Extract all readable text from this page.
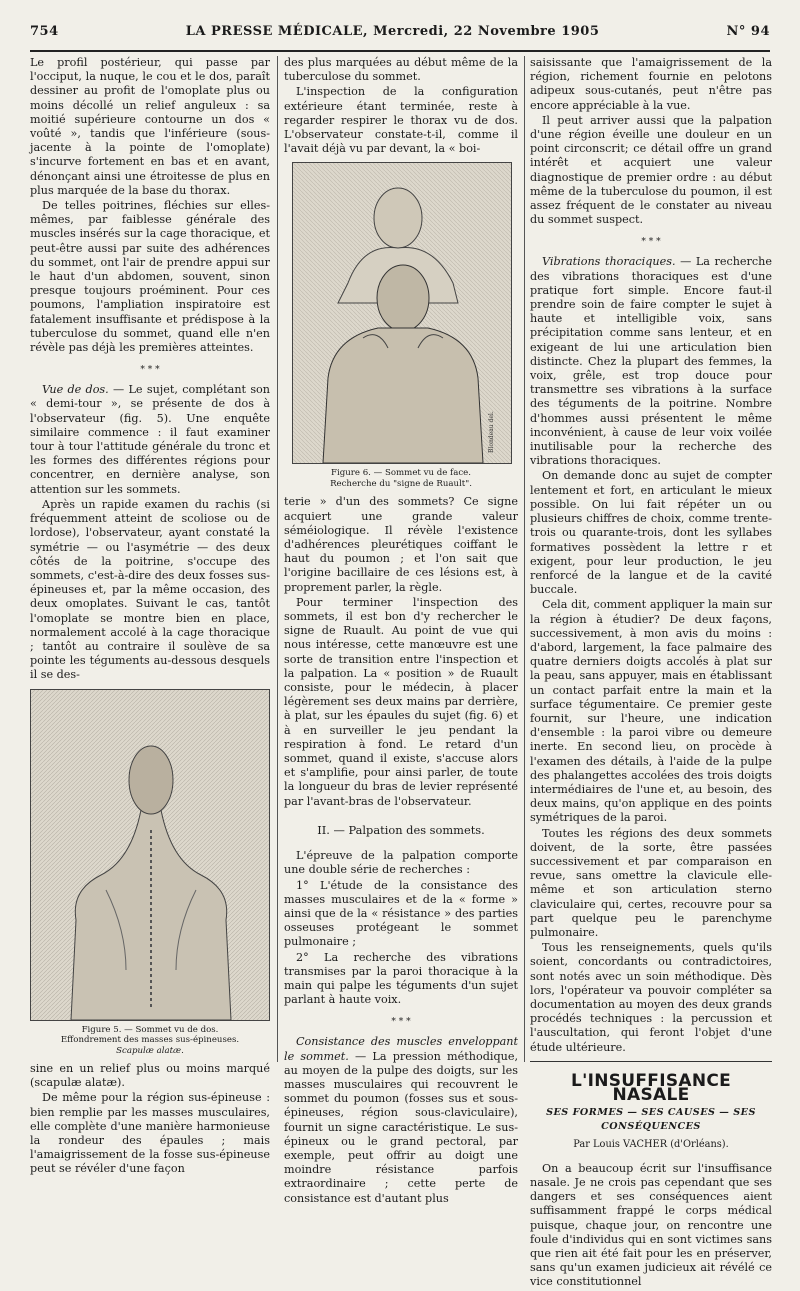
754	LA PRESSE MÉDICALE, Mercredi, 22 Novembre 1905	N° 94

Le profil postérieur, qui passe par l'occiput, la nuque, le cou et le dos, paraît dessiner au profit de l'omoplate plus ou moins décollé un relief anguleux : sa moitié supérieure contourne un dos « voûté », tandis que l'inférieure (sous-jacente à la pointe de l'omoplate) s'incurve fortement en bas et en avant, dénonçant ainsi une étroitesse de plus en plus marquée de la base du thorax.

De telles poitrines, fléchies sur elles-mêmes, par faiblesse générale des muscles insérés sur la cage thoracique, et peut-être aussi par suite des adhérences du sommet, ont l'air de prendre appui sur le haut d'un abdomen, souvent, sinon presque toujours proéminent. Pour ces poumons, l'ampliation inspiratoire est fatalement insuffisante et prédispose à la tuberculose du sommet, quand elle n'en révèle pas déjà les premières atteintes.

* * *

Vue de dos. — Le sujet, complétant son « demi-tour », se présente de dos à l'observateur (fig. 5). Une enquête similaire commence : il faut examiner tour à tour l'attitude générale du tronc et les formes des différentes régions pour concentrer, en dernière analyse, son attention sur les sommets.

Après un rapide examen du rachis (si fréquemment atteint de scoliose ou de lordose), l'observateur, ayant constaté la symétrie — ou l'asymétrie — des deux côtés de la poitrine, s'occupe des sommets, c'est-à-dire des deux fosses sus-épineuses et, par la même occasion, des deux omoplates. Suivant le cas, tantôt l'omoplate se montre bien en place, normalement accolé à la cage thoracique ; tantôt au contraire il soulève de sa pointe les téguments au-dessous desquels il se des-

Figure 5. — Sommet vu de dos.
Effondrement des masses sus-épineuses.
Scapulæ alatæ.

sine en un relief plus ou moins marqué (scapulæ alatæ).

De même pour la région sus-épineuse : bien remplie par les masses musculaires, elle complète d'une manière harmonieuse la rondeur des épaules ; mais l'amaigrissement de la fosse sus-épineuse peut se révéler d'une façon

des plus marquées au début même de la tuberculose du sommet.

L'inspection de la configuration extérieure étant terminée, reste à regarder respirer le thorax vu de dos. L'observateur constate-t-il, comme il l'avait déjà vu par devant, la « boi-

Blondeau del.
Figure 6. — Sommet vu de face.
Recherche du "signe de Ruault".

terie » d'un des sommets? Ce signe acquiert une grande valeur séméiologique. Il révèle l'existence d'adhérences pleurétiques coiffant le haut du poumon ; et l'on sait que l'origine bacillaire de ces lésions est, à proprement parler, la règle.

Pour terminer l'inspection des sommets, il est bon d'y rechercher le signe de Ruault. Au point de vue qui nous intéresse, cette manœuvre est une sorte de transition entre l'inspection et la palpation. La « position » de Ruault consiste, pour le médecin, à placer légèrement ses deux mains par derrière, à plat, sur les épaules du sujet (fig. 6) et à en surveiller le jeu pendant la respiration à fond. Le retard d'un sommet, quand il existe, s'accuse alors et s'amplifie, pour ainsi parler, de toute la longueur du bras de levier représenté par l'avant-bras de l'observateur.

II. — Palpation des sommets.

L'épreuve de la palpation comporte une double série de recherches :

1° L'étude de la consistance des masses musculaires et de la « forme » ainsi que de la « résistance » des parties osseuses protégeant le sommet pulmonaire ;

2° La recherche des vibrations transmises par la paroi thoracique à la main qui palpe les téguments d'un sujet parlant à haute voix.

* * *

Consistance des muscles enveloppant le sommet. — La pression méthodique, au moyen de la pulpe des doigts, sur les masses musculaires qui recouvrent le sommet du poumon (fosses sus et sous-épineuses, région sous-claviculaire), fournit un signe caractéristique. Le sus-épineux ou le grand pectoral, par exemple, peut offrir au doigt une moindre résistance parfois extraordinaire ; cette perte de consistance est d'autant plus

saisissante que l'amaigrissement de la région, richement fournie en pelotons adipeux sous-cutanés, peut n'être pas encore appréciable à la vue.

Il peut arriver aussi que la palpation d'une région éveille une douleur en un point circonscrit; ce détail offre un grand intérêt et acquiert une valeur diagnostique de premier ordre : au début même de la tuberculose du poumon, il est assez fréquent de le constater au niveau du sommet suspect.

* * *

Vibrations thoraciques. — La recherche des vibrations thoraciques est d'une pratique fort simple. Encore faut-il prendre soin de faire compter le sujet à haute et intelligible voix, sans précipitation comme sans lenteur, et en exigeant de lui une articulation bien distincte. Chez la plupart des femmes, la voix, grêle, est trop douce pour transmettre ses vibrations à la surface des téguments de la poitrine. Nombre d'hommes aussi présentent le même inconvénient, à cause de leur voix voilée inutilisable pour la recherche des vibrations thoraciques.

On demande donc au sujet de compter lentement et fort, en articulant le mieux possible. On lui fait répéter un ou plusieurs chiffres de choix, comme trente-trois ou quarante-trois, dont les syllabes formatives possèdent la lettre r et exigent, pour leur production, le jeu renforcé de la langue et de la cavité buccale.

Cela dit, comment appliquer la main sur la région à étudier? De deux façons, successivement, à mon avis du moins : d'abord, largement, la face palmaire des quatre derniers doigts accolés à plat sur la peau, sans appuyer, mais en établissant un contact parfait entre la main et la surface tégumentaire. Ce premier geste fournit, sur l'heure, une indication d'ensemble : la paroi vibre ou demeure inerte. En second lieu, on procède à l'examen des détails, à l'aide de la pulpe des phalangettes accolées des trois doigts intermédiaires de l'une et, au besoin, des deux mains, qu'on applique en des points symétriques de la paroi.

Toutes les régions des deux sommets doivent, de la sorte, être passées successivement et par comparaison en revue, sans omettre la clavicule elle-même et son articulation sterno claviculaire qui, certes, recouvre pour sa part quelque peu le parenchyme pulmonaire.

Tous les renseignements, quels qu'ils soient, concordants ou contradictoires, sont notés avec un soin méthodique. Dès lors, l'opérateur va pouvoir compléter sa documentation au moyen des deux grands procédés techniques : la percussion et l'auscultation, qui feront l'objet d'une étude ultérieure.

L'INSUFFISANCE NASALE
SES FORMES — SES CAUSES — SES CONSÉQUENCES
Par Louis VACHER (d'Orléans).

On a beaucoup écrit sur l'insuffisance nasale. Je ne crois pas cependant que ses dangers et ses conséquences aient suffisamment frappé le corps médical puisque, chaque jour, on rencontre une foule d'individus qui en sont victimes sans que rien ait été fait pour les en préserver, sans qu'un examen judicieux ait révélé ce vice constitutionnel
